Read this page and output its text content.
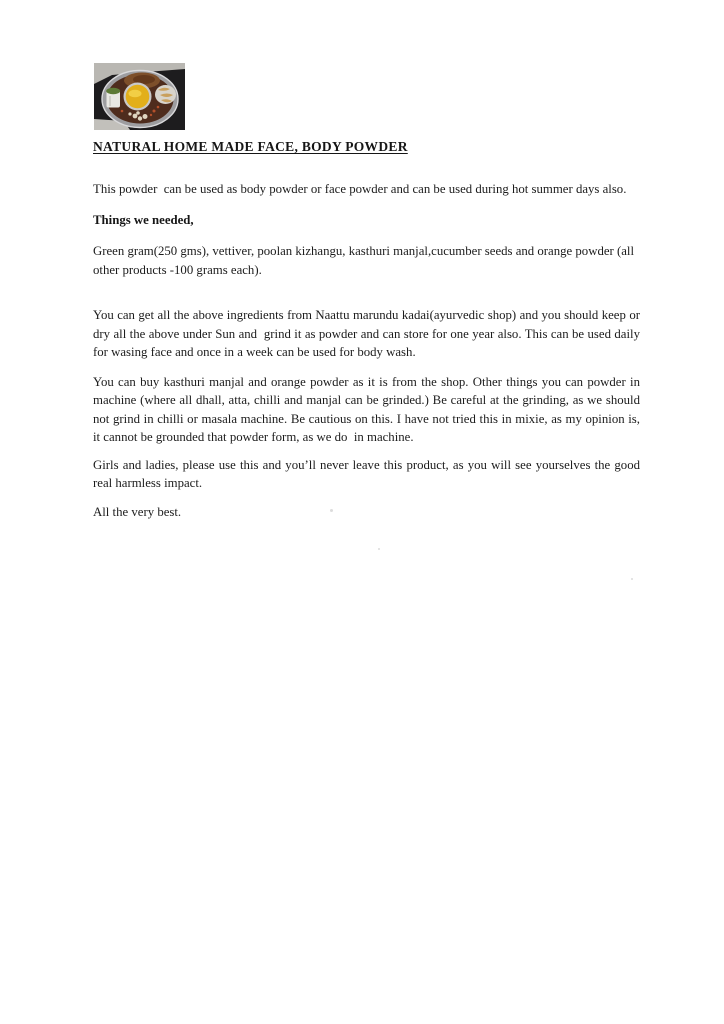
NATURAL HOME MADE FACE, BODY POWDER

This powder  can be used as body powder or face powder and can be used during hot summer days also.

Things we needed,

Green gram(250 gms), vettiver, poolan kizhangu, kasthuri manjal,cucumber seeds and orange powder (all other products -100 grams each).

You can get all the above ingredients from Naattu marundu kadai(ayurvedic shop) and you should keep or dry all the above under Sun and  grind it as powder and can store for one year also. This can be used daily for wasing face and once in a week can be used for body wash.

You can buy kasthuri manjal and orange powder as it is from the shop. Other things you can powder in machine (where all dhall, atta, chilli and manjal can be grinded.) Be careful at the grinding, as we should not grind in chilli or masala machine. Be cautious on this. I have not tried this in mixie, as my opinion is, it cannot be grounded that powder form, as we do  in machine.

Girls and ladies, please use this and you’ll never leave this product, as you will see yourselves the good real harmless impact.

All the very best.
